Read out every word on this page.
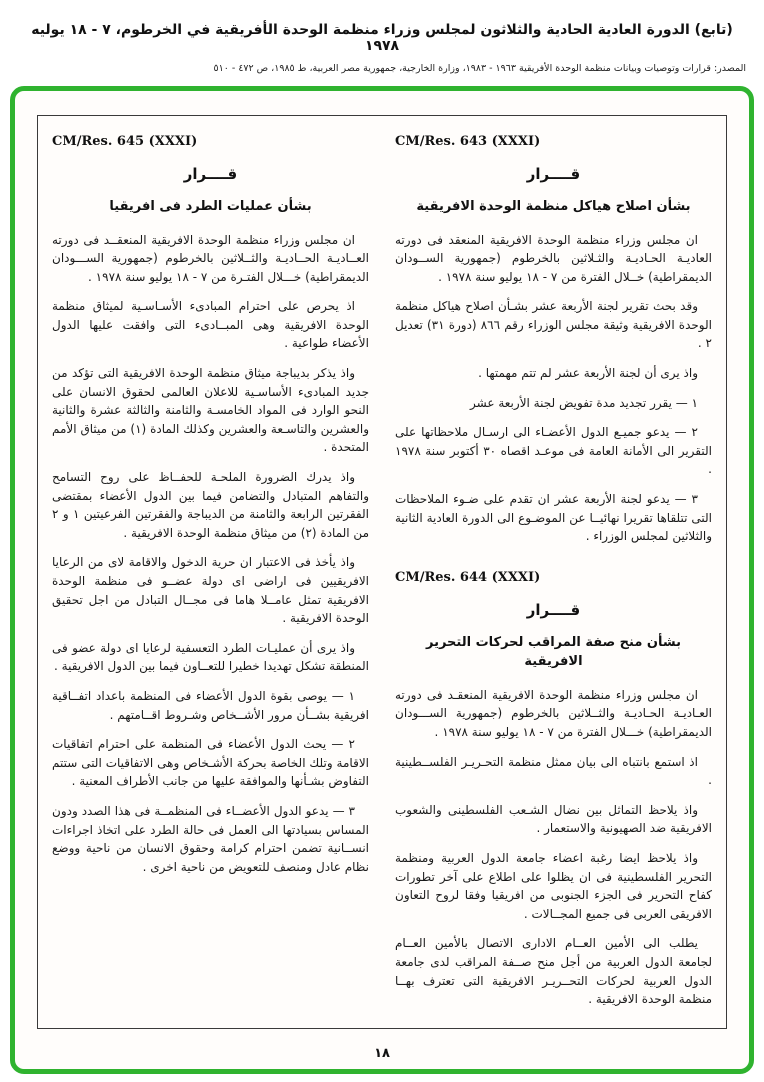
(تابع) الدورة العادية الحادية والثلاثون لمجلس وزراء منظمة الوحدة الأفريقية في الخرطوم، ٧ - ١٨ يوليه ١٩٧٨
المصدر: قرارات وتوصيات وبيانات منظمة الوحدة الأفريقية ١٩٦٣ - ١٩٨٣، وزارة الخارجية، جمهورية مصر العربية، ط ١٩٨٥، ص ٤٧٢ - ٥١٠
CM/Res. 643 (XXXI)
قــــرار
بشأن اصلاح هياكل منظمة الوحدة الافريقية

ان مجلس وزراء منظمة الوحدة الافريقية المنعقد فى دورته العاديـة الحـاديـة والثـلاثين بالخرطوم (جمهورية الســودان الديمقراطية) خــلال الفترة من ٧ - ١٨ يوليو سنة ١٩٧٨ .

وقد بحث تقرير لجنة الأربعة عشر بشـأن اصلاح هياكل منظمة الوحدة الافريقية وثيقة مجلس الوزراء رقم ٨٦٦ (دورة ٣١) تعديل ٢ .

واذ يرى أن لجنة الأربعة عشر لم تتم مهمتها .

١ — يقرر تجديد مدة تفويض لجنة الأربعة عشر

٢ — يدعو جميـع الدول الأعضـاء الى ارسـال ملاحظاتها على التقرير الى الأمانة العامة فى موعـد اقصاه ٣٠ أكتوبر سنة ١٩٧٨ .

٣ — يدعو لجنة الأربعة عشر ان تقدم على ضـوء الملاحظات التى تتلقاها تقريرا نهائيــا عن الموضـوع الى الدورة العادية الثانية والثلاثين لمجلس الوزراء .

CM/Res. 644 (XXXI)
قــــرار
بشأن منح صفة المراقب لحركات التحرير الافريقية

ان مجلس وزراء منظمة الوحدة الافريقية المنعقـد فى دورته العـاديـة الحـاديـة والثــلاثين بالخرطوم (جمهورية الســـودان الديمقراطية) خـــلال الفترة من ٧ - ١٨ يوليو سنة ١٩٧٨ .

اذ استمع بانتباه الى بيان ممثل منظمة التحـريـر الفلســطينية .

واذ يلاحظ التماثل بين نضال الشـعب الفلسطينى والشعوب الافريقية ضد الصهيونية والاستعمار .

واذ يلاحظ ايضا رغبة اعضاء جامعة الدول العربية ومنظمة التحرير الفلسطينية فى ان يظلوا على اطلاع على آخر تطورات كفاح التحرير فى الجزء الجنوبى من افريقيا وفقا لروح التعاون الافريقى العربى فى جميع المجــالات .

يطلب الى الأمين العــام الادارى الاتصال بالأمين العــام لجامعة الدول العربية من أجل منح صــفة المراقب لدى جامعة الدول العربية لحركات التحــريـر الافريقية التى تعترف بهــا منظمة الوحدة الافريقية .

CM/Res. 645 (XXXI)
قــــرار
بشأن عمليات الطرد فى افريقيا

ان مجلس وزراء منظمة الوحدة الافريقية المنعقــد فى دورته العــاديـة الحــاديـة والثــلاثين بالخرطوم (جمهورية الســـودان الديمقراطية) خـــلال الفتـرة من ٧ - ١٨ يوليو سنة ١٩٧٨ .

اذ يحرص على احترام المبادىء الأسـاسـية لميثاق منظمة الوحدة الافريقية وهى المبــادىء التى وافقت عليها الدول الأعضاء طواعية .

واذ يذكر بديباجة ميثاق منظمة الوحدة الافريقية التى تؤكد من جديد المبادىء الأساسـية للاعلان العالمى لحقوق الانسان على النحو الوارد فى المواد الخامسـة والثامنة والثالثة عشرة والثانية والعشرين والتاسـعة والعشرين وكذلك المادة (١) من ميثاق الأمم المتحدة .

واذ يدرك الضرورة الملحـة للحفــاظ على روح التسامح والتفاهم المتبادل والتضامن فيما بين الدول الأعضاء بمقتضى الفقرتين الرابعة والثامنة من الديباجة والفقرتين الفرعيتين ١ و ٢ من المادة (٢) من ميثاق منظمة الوحدة الافريقية .

واذ يأخذ فى الاعتبار ان حرية الدخول والاقامة لاى من الرعايا الافريقيين فى اراضى اى دولة عضــو فى منظمة الوحدة الافريقية تمثل عامــلا هاما فى مجــال التبادل من اجل تحقيق الوحدة الافريقية .

واذ يرى أن عمليـات الطرد التعسفية لرعايا اى دولة عضو فى المنطقة تشكل تهديدا خطيرا للتعــاون فيما بين الدول الافريقية .

١ — يوصى بقوة الدول الأعضاء فى المنظمة باعداد اتفــاقية افريقية بشــأن مرور الأشــخاص وشـروط اقــامتهم .

٢ — يحث الدول الأعضاء فى المنظمة على احترام اتفاقيات الاقامة وتلك الخاصة بحركة الأشـخاص وهى الاتفاقيات التى ستتم التفاوض بشـأنها والموافقة عليها من جانب الأطراف المعنية .

٣ — يدعو الدول الأعضــاء فى المنظمــة فى هذا الصدد ودون المساس بسيادتها الى العمل فى حالة الطرد على اتخاذ اجراءات انســانية تضمن احترام كرامة وحقوق الانسان من ناحية ووضع نظام عادل ومنصف للتعويض من ناحية اخرى .

١٨
